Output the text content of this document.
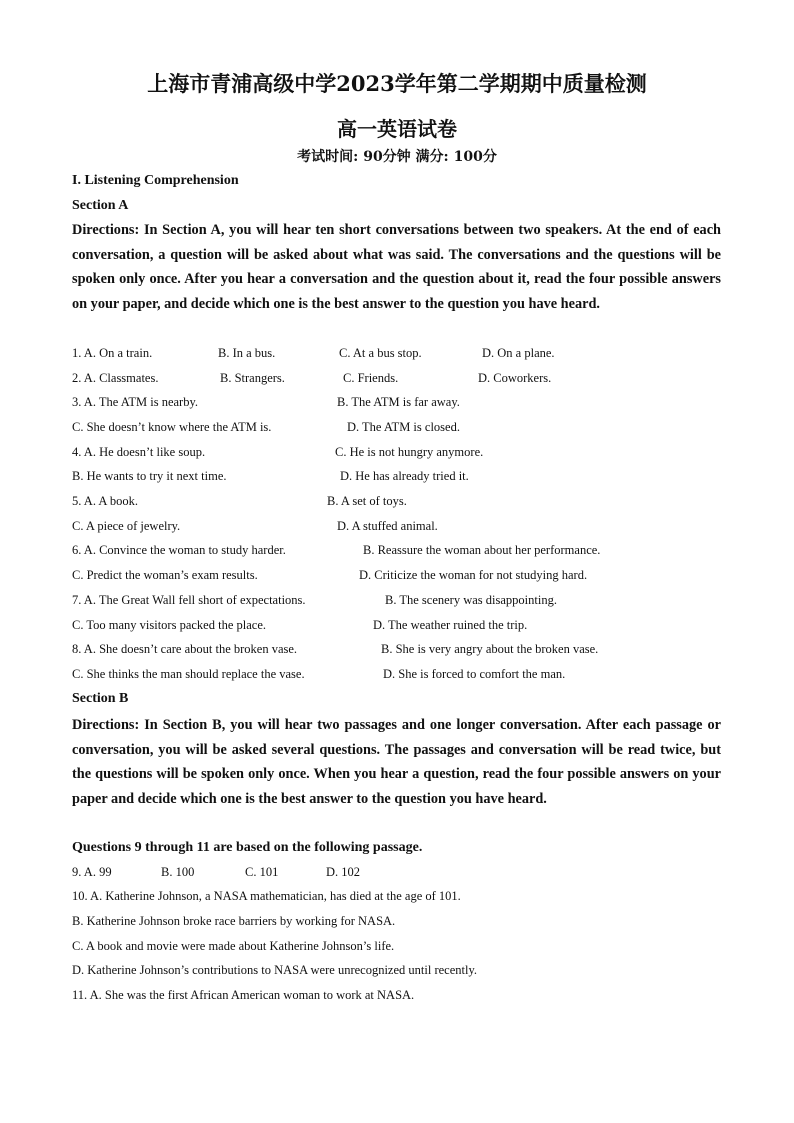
上海市青浦高级中学2023学年第二学期期中质量检测
高一英语试卷
考试时间: 90分钟 满分: 100分
I. Listening Comprehension
Section A
Directions: In Section A, you will hear ten short conversations between two speakers. At the end of each conversation, a question will be asked about what was said. The conversations and the questions will be spoken only once. After you hear a conversation and the question about it, read the four possible answers on your paper, and decide which one is the best answer to the question you have heard.
1. A. On a train.	B. In a bus.	C. At a bus stop.	D. On a plane.
2. A. Classmates.	B. Strangers.	C. Friends.	D. Coworkers.
3. A. The ATM is nearby.	B. The ATM is far away.
C. She doesn’t know where the ATM is.	D. The ATM is closed.
4. A. He doesn’t like soup.	C. He is not hungry anymore.
B. He wants to try it next time.	D. He has already tried it.
5. A. A book.	B. A set of toys.
C. A piece of jewelry.	D. A stuffed animal.
6. A. Convince the woman to study harder.	B. Reassure the woman about her performance.
C. Predict the woman’s exam results.	D. Criticize the woman for not studying hard.
7. A. The Great Wall fell short of expectations.	B. The scenery was disappointing.
C. Too many visitors packed the place.	D. The weather ruined the trip.
8. A. She doesn’t care about the broken vase.	B. She is very angry about the broken vase.
C. She thinks the man should replace the vase.	D. She is forced to comfort the man.
Section B
Directions: In Section B, you will hear two passages and one longer conversation. After each passage or conversation, you will be asked several questions. The passages and conversation will be read twice, but the questions will be spoken only once. When you hear a question, read the four possible answers on your paper and decide which one is the best answer to the question you have heard.
Questions 9 through 11 are based on the following passage.
9. A. 99	B. 100	C. 101	D. 102
10. A. Katherine Johnson, a NASA mathematician, has died at the age of 101.
B. Katherine Johnson broke race barriers by working for NASA.
C. A book and movie were made about Katherine Johnson’s life.
D. Katherine Johnson’s contributions to NASA were unrecognized until recently.
11. A. She was the first African American woman to work at NASA.
